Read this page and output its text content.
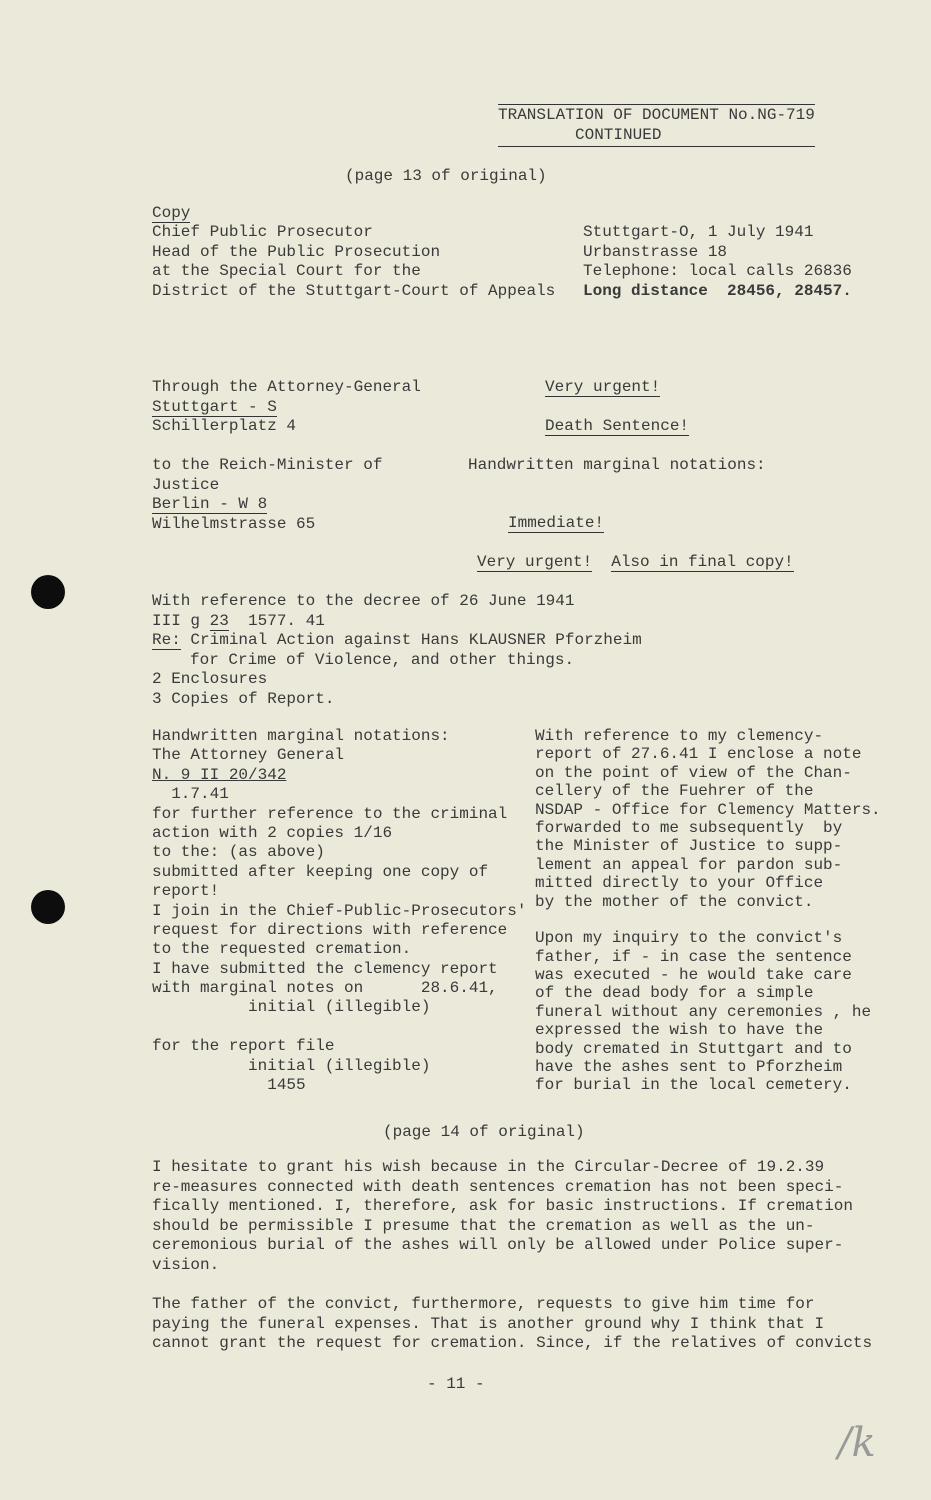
TRANSLATION OF DOCUMENT No.NG-719
CONTINUED
(page 13 of original)
Copy
Chief Public Prosecutor
Head of the Public Prosecution
at the Special Court for the
District of the Stuttgart-Court of Appeals
Stuttgart-O, 1 July 1941
Urbanstrasse 18
Telephone: local calls 26836
Long distance  28456, 28457.
Through the Attorney-General
Stuttgart - S
Schillerplatz 4
Very urgent!
Death Sentence!
to the Reich-Minister of
Justice
Berlin - W 8
Wilhelmstrasse 65
Handwritten marginal notations:
Immediate!
Very urgent! Also in final copy!
With reference to the decree of 26 June 1941
III g 23  1577. 41
Re: Criminal Action against Hans KLAUSNER Pforzheim
for Crime of Violence, and other things.
2 Enclosures
3 Copies of Report.
Handwritten marginal notations:
The Attorney General
N. 9 II 20/342
1.7.41
for further reference to the criminal
action with 2 copies 1/16
to the: (as above)
submitted after keeping one copy of
report!
I join in the Chief-Public-Prosecutors'
request for directions with reference
to the requested cremation.
I have submitted the clemency report
with marginal notes on      28.6.41,
initial (illegible)
for the report file
initial (illegible)
1455
With reference to my clemency-
report of 27.6.41 I enclose a note
on the point of view of the Chan-
cellery of the Fuehrer of the
NSDAP - Office for Clemency Matters.
forwarded to me subsequently  by
the Minister of Justice to supp-
lement an appeal for pardon sub-
mitted directly to your Office
by the mother of the convict.
Upon my inquiry to the convict's
father, if - in case the sentence
was executed - he would take care
of the dead body for a simple
funeral without any ceremonies , he
expressed the wish to have the
body cremated in Stuttgart and to
have the ashes sent to Pforzheim
for burial in the local cemetery.
(page 14 of original)
I hesitate to grant his wish because in the Circular-Decree of 19.2.39
re-measures connected with death sentences cremation has not been speci-
fically mentioned. I, therefore, ask for basic instructions. If cremation
should be permissible I presume that the cremation as well as the un-
ceremonious burial of the ashes will only be allowed under Police super-
vision.
The father of the convict, furthermore, requests to give him time for
paying the funeral expenses. That is another ground why I think that I
cannot grant the request for cremation. Since, if the relatives of convicts
- 11 -
/k
